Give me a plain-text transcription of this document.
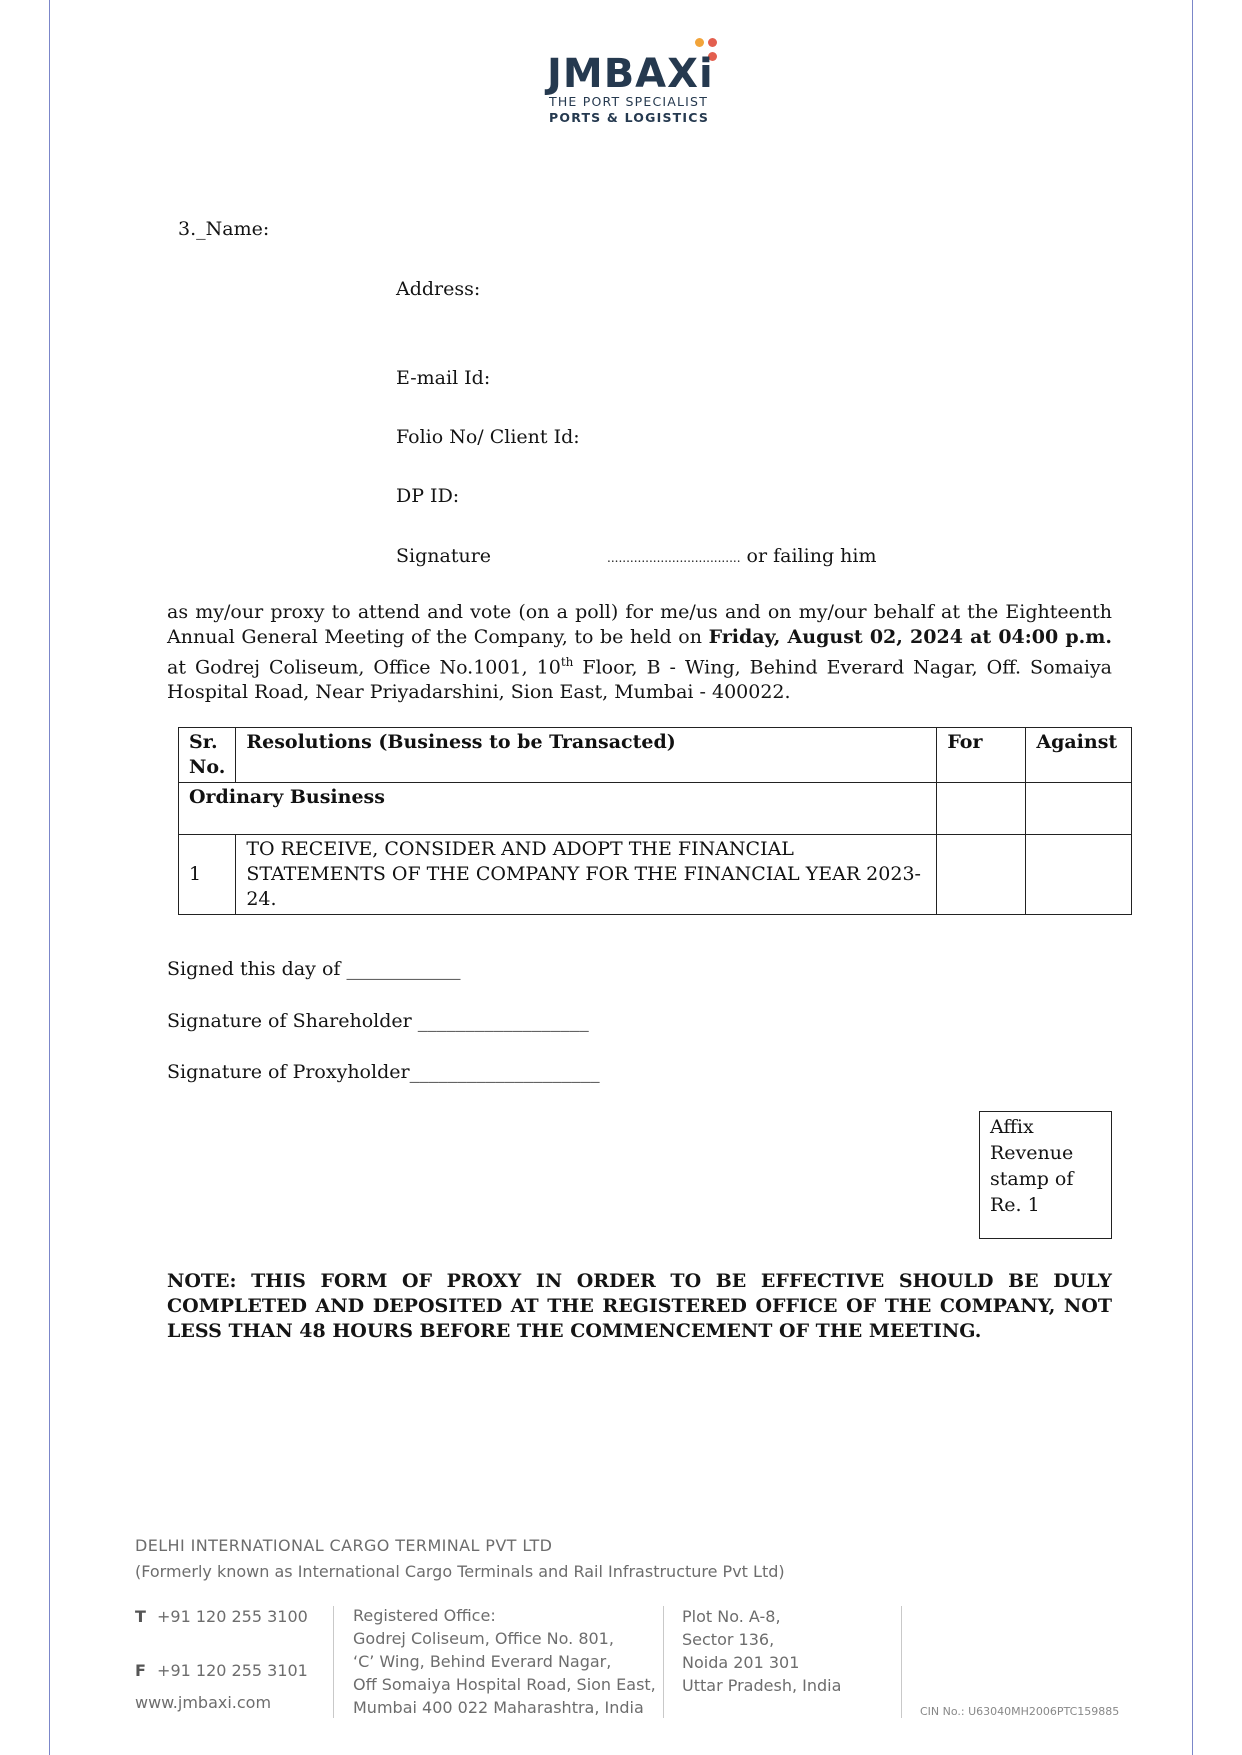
JMBAXi
THE PORT SPECIALIST
PORTS & LOGISTICS
3._Name:
Address:
E-mail Id:
Folio No/ Client Id:
DP ID:
Signature	................................... or failing him
as my/our proxy to attend and vote (on a poll) for me/us and on my/our behalf at the Eighteenth Annual General Meeting of the Company, to be held on Friday, August 02, 2024 at 04:00 p.m. at Godrej Coliseum, Office No.1001, 10th Floor, B - Wing, Behind Everard Nagar, Off. Somaiya Hospital Road, Near Priyadarshini, Sion East, Mumbai - 400022.
Sr. No.	Resolutions (Business to be Transacted)	For	Against
Ordinary Business			
1	TO RECEIVE, CONSIDER AND ADOPT THE FINANCIAL STATEMENTS OF THE COMPANY FOR THE FINANCIAL YEAR 2023-24.		
Signed this day of ____________
Signature of Shareholder __________________
Signature of Proxyholder____________________
Affix
Revenue
stamp of
Re. 1
NOTE: THIS FORM OF PROXY IN ORDER TO BE EFFECTIVE SHOULD BE DULY COMPLETED AND DEPOSITED AT THE REGISTERED OFFICE OF THE COMPANY, NOT LESS THAN 48 HOURS BEFORE THE COMMENCEMENT OF THE MEETING.
DELHI INTERNATIONAL CARGO TERMINAL PVT LTD
(Formerly known as International Cargo Terminals and Rail Infrastructure Pvt Ltd)
T +91 120 255 3100
F +91 120 255 3101
www.jmbaxi.com
Registered Office:
Godrej Coliseum, Office No. 801,
‘C’ Wing, Behind Everard Nagar,
Off Somaiya Hospital Road, Sion East,
Mumbai 400 022 Maharashtra, India
Plot No. A-8,
Sector 136,
Noida 201 301
Uttar Pradesh, India
CIN No.: U63040MH2006PTC159885
